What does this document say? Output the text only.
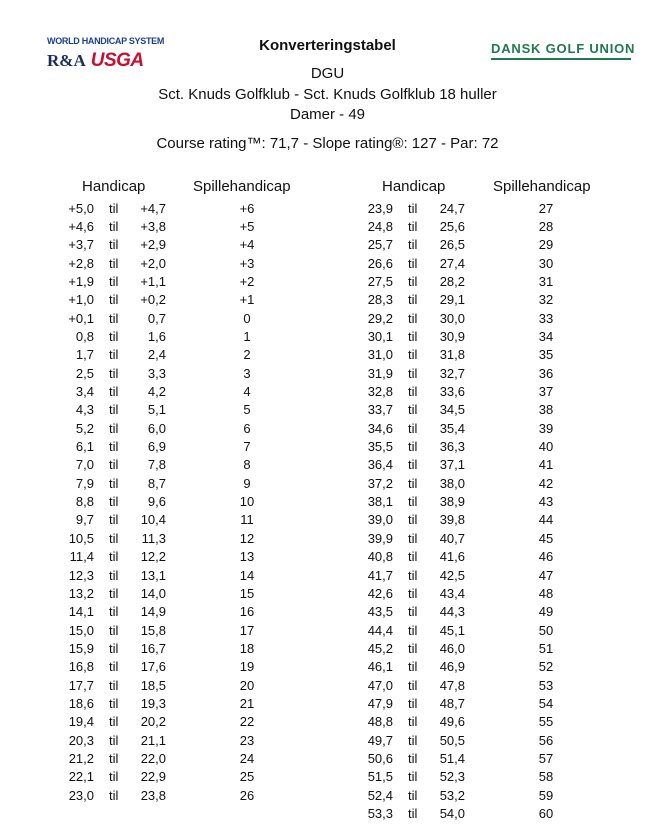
WORLD HANDICAP SYSTEM
R&A USGA
DANSK GOLF UNION
Konverteringstabel
DGU
Sct. Knuds Golfklub - Sct. Knuds Golfklub 18 huller
Damer - 49
Course rating™: 71,7 - Slope rating®: 127 - Par: 72
Handicap	Spillehandicap	Handicap	Spillehandicap
+5,0 til	+4,7	+6
+4,6 til	+3,8	+5
+3,7 til	+2,9	+4
+2,8 til	+2,0	+3
+1,9 til	+1,1	+2
+1,0 til	+0,2	+1
+0,1 til	0,7	0
0,8 til	1,6	1
1,7 til	2,4	2
2,5 til	3,3	3
3,4 til	4,2	4
4,3 til	5,1	5
5,2 til	6,0	6
6,1 til	6,9	7
7,0 til	7,8	8
7,9 til	8,7	9
8,8 til	9,6	10
9,7 til	10,4	11
10,5 til	11,3	12
11,4 til	12,2	13
12,3 til	13,1	14
13,2 til	14,0	15
14,1 til	14,9	16
15,0 til	15,8	17
15,9 til	16,7	18
16,8 til	17,6	19
17,7 til	18,5	20
18,6 til	19,3	21
19,4 til	20,2	22
20,3 til	21,1	23
21,2 til	22,0	24
22,1 til	22,9	25
23,0 til	23,8	26
23,9 til	24,7	27
24,8 til	25,6	28
25,7 til	26,5	29
26,6 til	27,4	30
27,5 til	28,2	31
28,3 til	29,1	32
29,2 til	30,0	33
30,1 til	30,9	34
31,0 til	31,8	35
31,9 til	32,7	36
32,8 til	33,6	37
33,7 til	34,5	38
34,6 til	35,4	39
35,5 til	36,3	40
36,4 til	37,1	41
37,2 til	38,0	42
38,1 til	38,9	43
39,0 til	39,8	44
39,9 til	40,7	45
40,8 til	41,6	46
41,7 til	42,5	47
42,6 til	43,4	48
43,5 til	44,3	49
44,4 til	45,1	50
45,2 til	46,0	51
46,1 til	46,9	52
47,0 til	47,8	53
47,9 til	48,7	54
48,8 til	49,6	55
49,7 til	50,5	56
50,6 til	51,4	57
51,5 til	52,3	58
52,4 til	53,2	59
53,3 til	54,0	60
